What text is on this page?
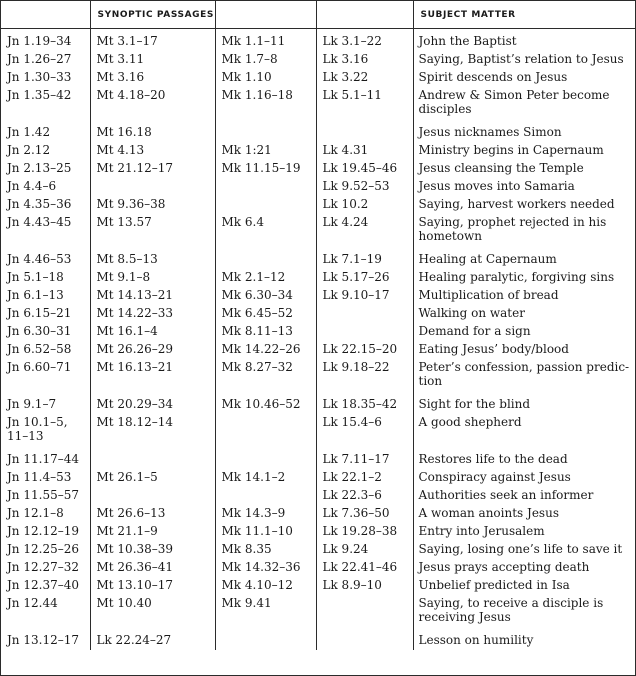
	SYNOPTIC PASSAGES			SUBJECT MATTER
Jn 1.19–34	Mt 3.1–17	Mk 1.1–11	Lk 3.1–22	John the Baptist
Jn 1.26–27	Mt 3.11	Mk 1.7–8	Lk 3.16	Saying, Baptist’s relation to Jesus
Jn 1.30–33	Mt 3.16	Mk 1.10	Lk 3.22	Spirit descends on Jesus
Jn 1.35–42	Mt 4.18–20	Mk 1.16–18	Lk 5.1–11	Andrew & Simon Peter become disciples
Jn 1.42	Mt 16.18			Jesus nicknames Simon
Jn 2.12	Mt 4.13	Mk 1:21	Lk 4.31	Ministry begins in Capernaum
Jn 2.13–25	Mt 21.12–17	Mk 11.15–19	Lk 19.45–46	Jesus cleansing the Temple
Jn 4.4–6			Lk 9.52–53	Jesus moves into Samaria
Jn 4.35–36	Mt 9.36–38		Lk 10.2	Saying, harvest workers needed
Jn 4.43–45	Mt 13.57	Mk 6.4	Lk 4.24	Saying, prophet rejected in his hometown
Jn 4.46–53	Mt 8.5–13		Lk 7.1–19	Healing at Capernaum
Jn 5.1–18	Mt 9.1–8	Mk 2.1–12	Lk 5.17–26	Healing paralytic, forgiving sins
Jn 6.1–13	Mt 14.13–21	Mk 6.30–34	Lk 9.10–17	Multiplication of bread
Jn 6.15–21	Mt 14.22–33	Mk 6.45–52		Walking on water
Jn 6.30–31	Mt 16.1–4	Mk 8.11–13		Demand for a sign
Jn 6.52–58	Mt 26.26–29	Mk 14.22–26	Lk 22.15–20	Eating Jesus’ body/blood
Jn 6.60–71	Mt 16.13–21	Mk 8.27–32	Lk 9.18–22	Peter’s confession, passion predic-tion
Jn 9.1–7	Mt 20.29–34	Mk 10.46–52	Lk 18.35–42	Sight for the blind
Jn 10.1–5, 11–13	Mt 18.12–14		Lk 15.4–6	A good shepherd
Jn 11.17–44			Lk 7.11–17	Restores life to the dead
Jn 11.4–53	Mt 26.1–5	Mk 14.1–2	Lk 22.1–2	Conspiracy against Jesus
Jn 11.55–57			Lk 22.3–6	Authorities seek an informer
Jn 12.1–8	Mt 26.6–13	Mk 14.3–9	Lk 7.36–50	A woman anoints Jesus
Jn 12.12–19	Mt 21.1–9	Mk 11.1–10	Lk 19.28–38	Entry into Jerusalem
Jn 12.25–26	Mt 10.38–39	Mk 8.35	Lk 9.24	Saying, losing one’s life to save it
Jn 12.27–32	Mt 26.36–41	Mk 14.32–36	Lk 22.41–46	Jesus prays accepting death
Jn 12.37–40	Mt 13.10–17	Mk 4.10–12	Lk 8.9–10	Unbelief predicted in Isa
Jn 12.44	Mt 10.40	Mk 9.41		Saying, to receive a disciple is receiving Jesus
Jn 13.12–17	Lk 22.24–27			Lesson on humility
